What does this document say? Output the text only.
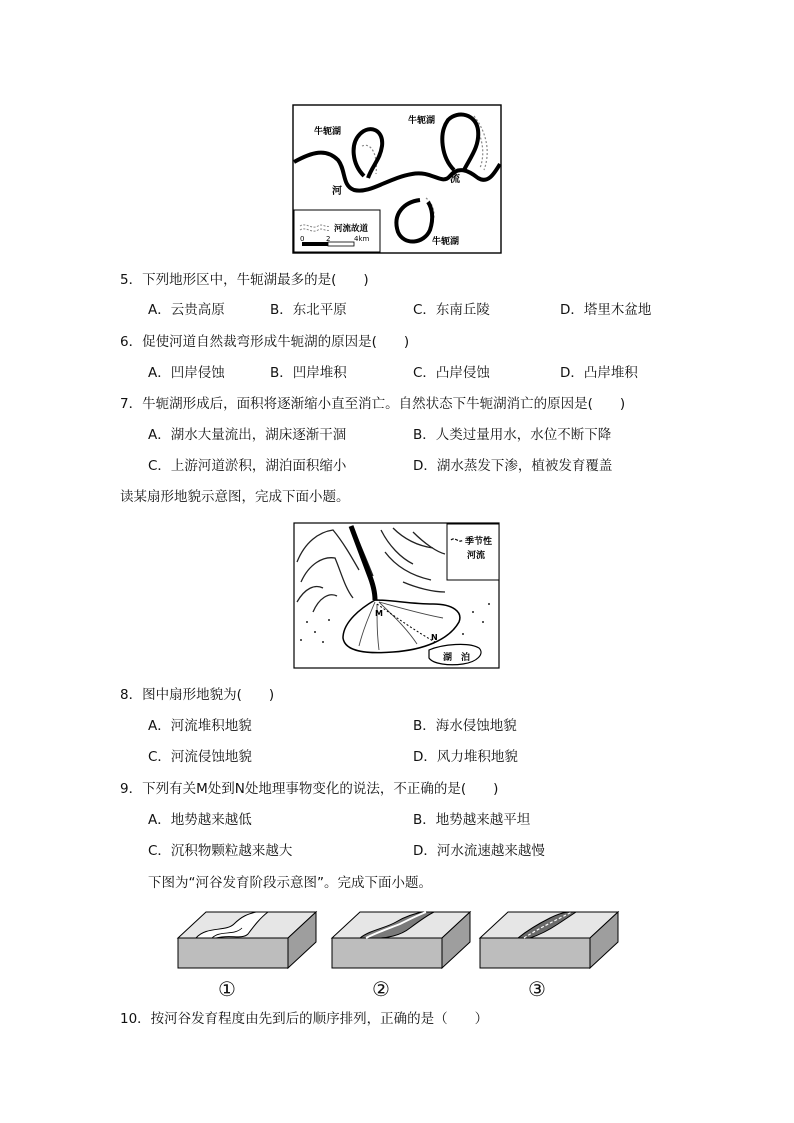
牛轭湖
牛轭湖
河
流
牛轭湖
河流故道
0	2	4km
5．下列地形区中，牛轭湖最多的是(　　)
A．云贵高原	B．东北平原	C．东南丘陵	D．塔里木盆地
6．促使河道自然裁弯形成牛轭湖的原因是(　　)
A．凹岸侵蚀	B．凹岸堆积	C．凸岸侵蚀	D．凸岸堆积
7．牛轭湖形成后，面积将逐渐缩小直至消亡。自然状态下牛轭湖消亡的原因是(　　)
A．湖水大量流出，湖床逐渐干涸	B．人类过量用水，水位不断下降
C．上游河道淤积，湖泊面积缩小	D．湖水蒸发下渗，植被发育覆盖
读某扇形地貌示意图，完成下面小题。
M
N
湖　泊
季节性
河流
8．图中扇形地貌为(　　)
A．河流堆积地貌	B．海水侵蚀地貌
C．河流侵蚀地貌	D．风力堆积地貌
9．下列有关M处到N处地理事物变化的说法，不正确的是(　　)
A．地势越来越低	B．地势越来越平坦
C．沉积物颗粒越来越大	D．河水流速越来越慢
下图为“河谷发育阶段示意图”。完成下面小题。
①	②	③
10．按河谷发育程度由先到后的顺序排列，正确的是（　　）
